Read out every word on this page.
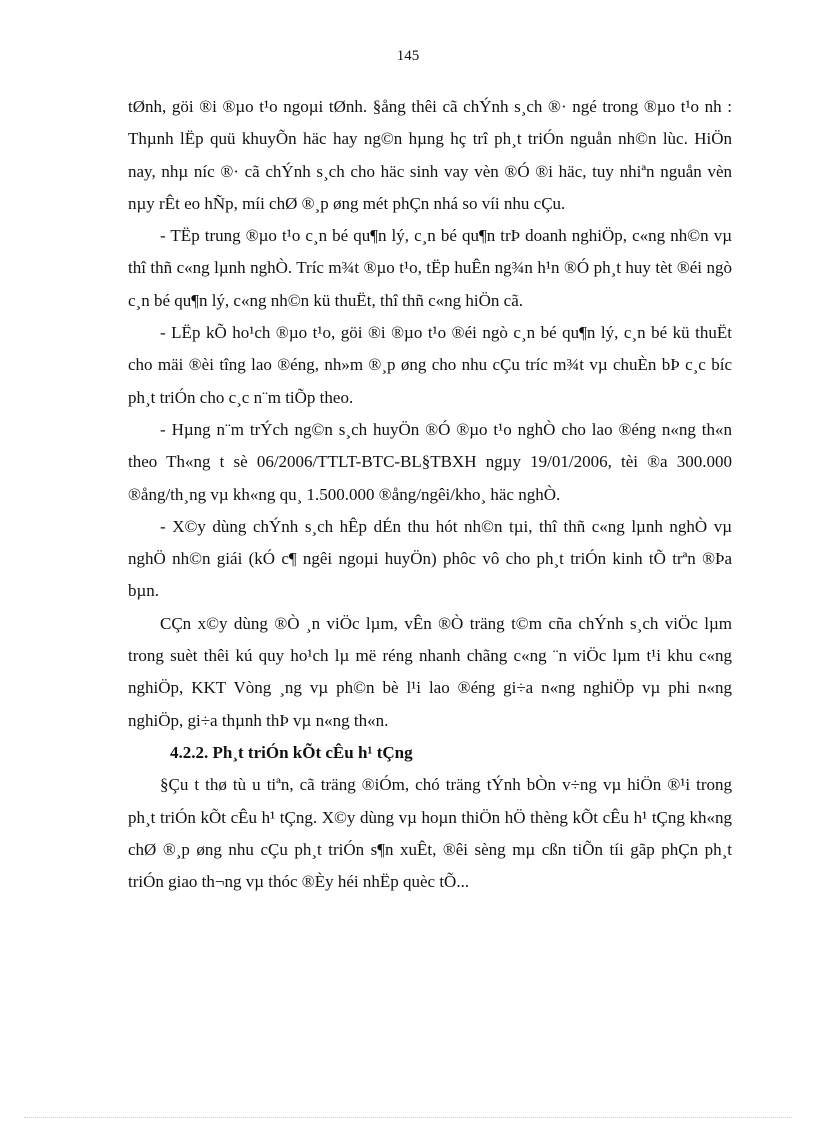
145

tØnh, göi ®i ®µo t¹o ngoµi tØnh. §ång thêi cã chÝnh s¸ch ®· ngé trong ®µo t¹o nh : Thµnh lËp quü khuyÕn häc hay ng©n hµng hç trî ph¸t triÓn nguån nh©n lùc. HiÖn nay, nhµ níc ®· cã chÝnh s¸ch cho häc sinh vay vèn ®Ó ®i häc, tuy nhiªn nguån vèn nµy rÊt eo hÑp, míi chØ ®¸p øng mét phÇn nhá so víi nhu cÇu.

- TËp trung ®µo t¹o c¸n bé qu¶n lý, c¸n bé qu¶n trÞ doanh nghiÖp, c«ng nh©n vµ thî thñ c«ng lµnh nghÒ. Tríc m¾t ®µo t¹o, tËp huÊn ng¾n h¹n ®Ó ph¸t huy tèt ®éi ngò c¸n bé qu¶n lý, c«ng nh©n kü thuËt, thî thñ c«ng hiÖn cã.

- LËp kÕ ho¹ch ®µo t¹o, göi ®i ®µo t¹o ®éi ngò c¸n bé qu¶n lý, c¸n bé kü thuËt cho mäi ®èi tîng lao ®éng, nh»m ®¸p øng cho nhu cÇu tríc m¾t vµ chuÈn bÞ c¸c bíc ph¸t triÓn cho c¸c n¨m tiÕp theo.

- Hµng n¨m trÝch ng©n s¸ch huyÖn ®Ó ®µo t¹o nghÒ cho lao ®éng n«ng th«n theo Th«ng t sè 06/2006/TTLT-BTC-BL§TBXH ngµy 19/01/2006, tèi ®a 300.000 ®ång/th¸ng vµ kh«ng qu¸ 1.500.000 ®ång/ngêi/kho¸ häc nghÒ.

- X©y dùng chÝnh s¸ch hÊp dÉn thu hót nh©n tµi, thî thñ c«ng lµnh nghÒ vµ nghÖ nh©n giái (kÓ c¶ ngêi ngoµi huyÖn) phôc vô cho ph¸t triÓn kinh tÕ trªn ®Þa bµn.

CÇn x©y dùng ®Ò ¸n viÖc lµm, vÊn ®Ò träng t©m cña chÝnh s¸ch viÖc lµm trong suèt thêi kú quy ho¹ch lµ më réng nhanh chãng c«ng ¨n viÖc lµm t¹i khu c«ng nghiÖp, KKT Vòng ¸ng vµ ph©n bè l¹i lao ®éng gi÷a n«ng nghiÖp vµ phi n«ng nghiÖp, gi÷a thµnh thÞ vµ n«ng th«n.

4.2.2. Ph¸t triÓn kÕt cÊu h¹ tÇng

§Çu t thø tù u tiªn, cã träng ®iÓm, chó träng tÝnh bÒn v÷ng vµ hiÖn ®¹i trong ph¸t triÓn kÕt cÊu h¹ tÇng. X©y dùng vµ hoµn thiÖn hÖ thèng kÕt cÊu h¹ tÇng kh«ng chØ ®¸p øng nhu cÇu ph¸t triÓn s¶n xuÊt, ®êi sèng mµ cßn tiÕn tíi gãp phÇn ph¸t triÓn giao th¬ng vµ thóc ®Èy héi nhËp quèc tÕ...
